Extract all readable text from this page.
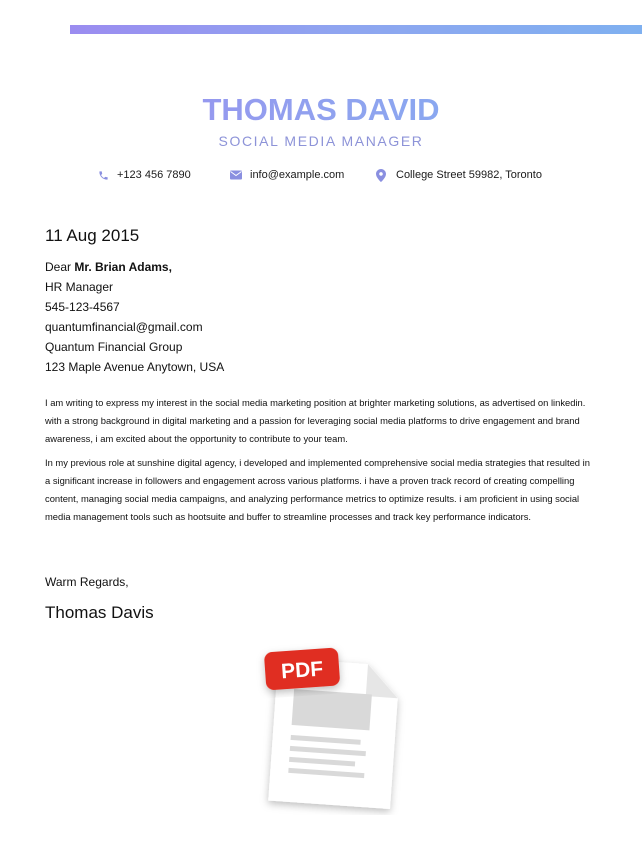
THOMAS DAVID
SOCIAL MEDIA MANAGER
+123 456 7890	info@example.com	College Street 59982, Toronto
11 Aug 2015
Dear Mr. Brian Adams,
HR Manager
545-123-4567
quantumfinancial@gmail.com
Quantum Financial Group
123 Maple Avenue Anytown, USA
I am writing to express my interest in the social media marketing position at brighter marketing solutions, as advertised on linkedin. with a strong background in digital marketing and a passion for leveraging social media platforms to drive engagement and brand awareness, i am excited about the opportunity to contribute to your team.
In my previous role at sunshine digital agency, i developed and implemented comprehensive social media strategies that resulted in a significant increase in followers and engagement across various platforms. i have a proven track record of creating compelling content, managing social media campaigns, and analyzing performance metrics to optimize results. i am proficient in using social media management tools such as hootsuite and buffer to streamline processes and track key performance indicators.
Warm Regards,
Thomas Davis
PDF
